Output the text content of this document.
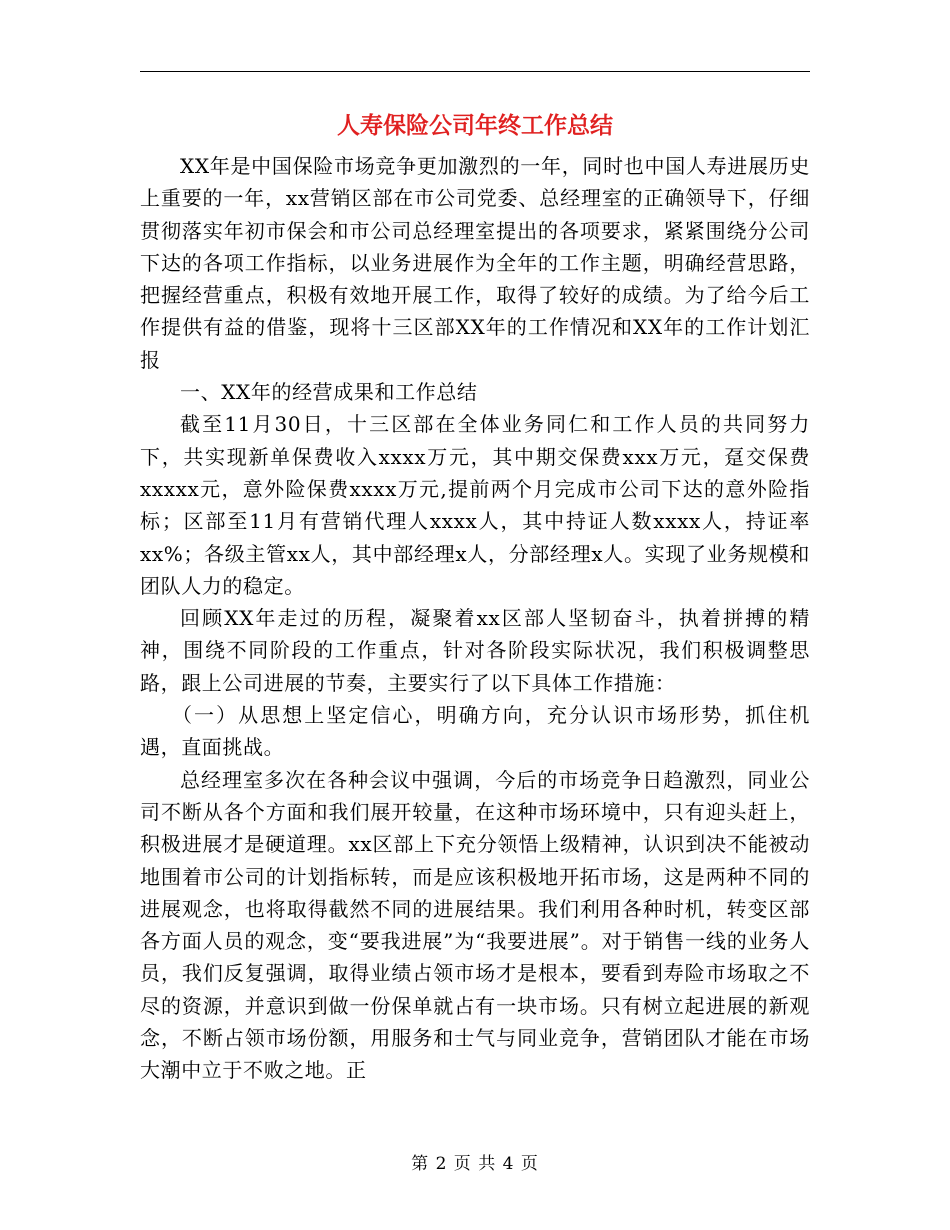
人寿保险公司年终工作总结

XX年是中国保险市场竞争更加激烈的一年，同时也中国人寿进展历史上重要的一年，xx营销区部在市公司党委、总经理室的正确领导下，仔细贯彻落实年初市保会和市公司总经理室提出的各项要求，紧紧围绕分公司下达的各项工作指标，以业务进展作为全年的工作主题，明确经营思路，把握经营重点，积极有效地开展工作，取得了较好的成绩。为了给今后工作提供有益的借鉴，现将十三区部XX年的工作情况和XX年的工作计划汇报

一、XX年的经营成果和工作总结

截至11月30日，十三区部在全体业务同仁和工作人员的共同努力下，共实现新单保费收入xxxx万元，其中期交保费xxx万元，趸交保费xxxxx元，意外险保费xxxx万元,提前两个月完成市公司下达的意外险指标；区部至11月有营销代理人xxxx人，其中持证人数xxxx人，持证率xx%；各级主管xx人，其中部经理x人，分部经理x人。实现了业务规模和团队人力的稳定。

回顾XX年走过的历程，凝聚着xx区部人坚韧奋斗，执着拼搏的精神，围绕不同阶段的工作重点，针对各阶段实际状况，我们积极调整思路，跟上公司进展的节奏，主要实行了以下具体工作措施：

（一）从思想上坚定信心，明确方向，充分认识市场形势，抓住机遇，直面挑战。

总经理室多次在各种会议中强调，今后的市场竞争日趋激烈，同业公司不断从各个方面和我们展开较量，在这种市场环境中，只有迎头赶上，积极进展才是硬道理。xx区部上下充分领悟上级精神，认识到决不能被动地围着市公司的计划指标转，而是应该积极地开拓市场，这是两种不同的进展观念，也将取得截然不同的进展结果。我们利用各种时机，转变区部各方面人员的观念，变“要我进展”为“我要进展”。对于销售一线的业务人员，我们反复强调，取得业绩占领市场才是根本，要看到寿险市场取之不尽的资源，并意识到做一份保单就占有一块市场。只有树立起进展的新观念，不断占领市场份额，用服务和士气与同业竞争，营销团队才能在市场大潮中立于不败之地。正

第 2 页 共 4 页
